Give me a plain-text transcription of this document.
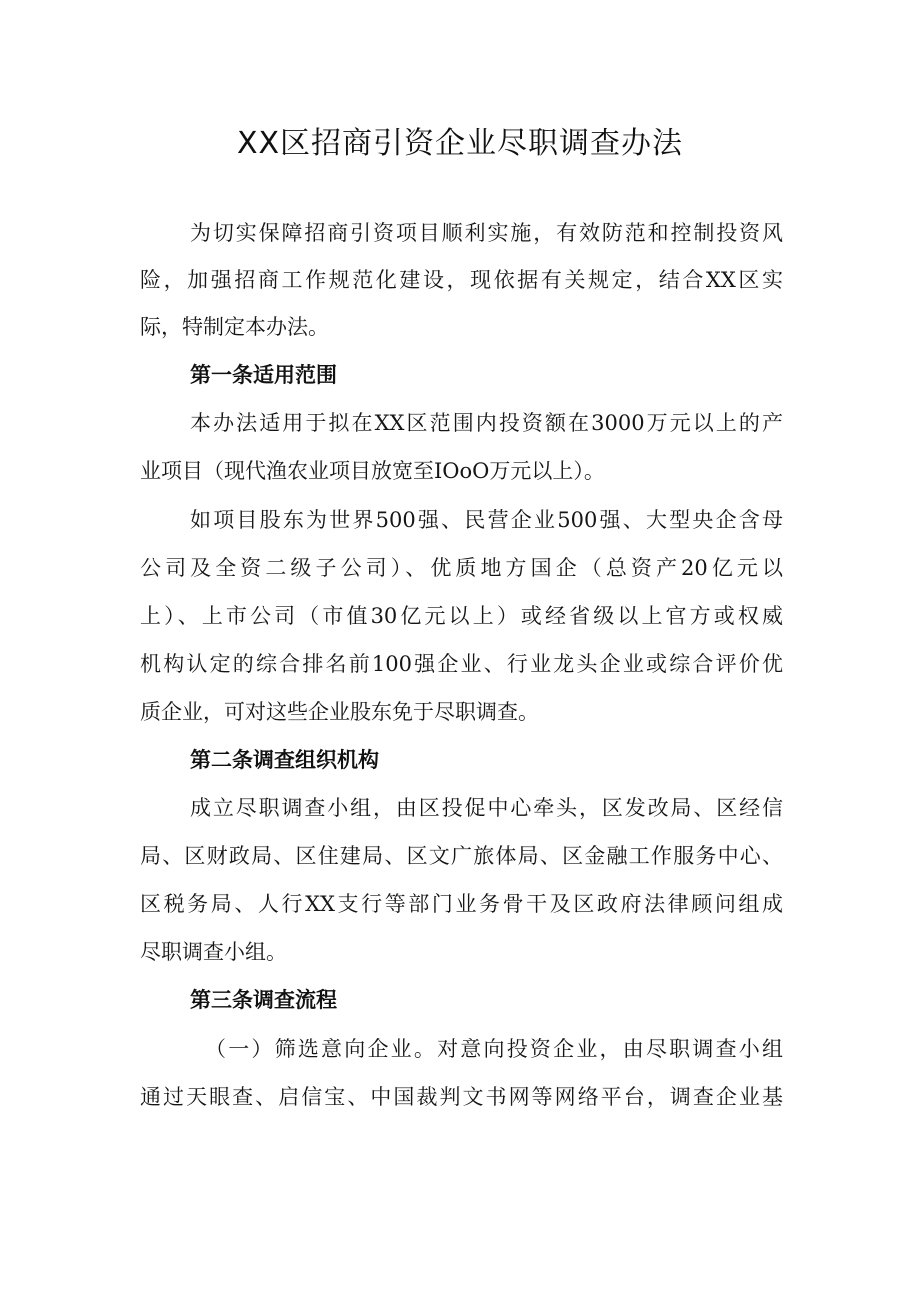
XX区招商引资企业尽职调查办法
为切实保障招商引资项目顺利实施，有效防范和控制投资风
险，加强招商工作规范化建设，现依据有关规定，结合XX区实
际，特制定本办法。
第一条适用范围
本办法适用于拟在XX区范围内投资额在3000万元以上的产
业项目（现代渔农业项目放宽至IOoO万元以上）。
如项目股东为世界500强、民营企业500强、大型央企含母
公司及全资二级子公司）、优质地方国企（总资产20亿元以
上）、上市公司（市值30亿元以上）或经省级以上官方或权威
机构认定的综合排名前100强企业、行业龙头企业或综合评价优
质企业，可对这些企业股东免于尽职调查。
第二条调查组织机构
成立尽职调查小组，由区投促中心牵头，区发改局、区经信
局、区财政局、区住建局、区文广旅体局、区金融工作服务中心、
区税务局、人行XX支行等部门业务骨干及区政府法律顾问组成
尽职调查小组。
第三条调查流程
（一）筛选意向企业。对意向投资企业，由尽职调查小组
通过天眼查、启信宝、中国裁判文书网等网络平台，调查企业基
